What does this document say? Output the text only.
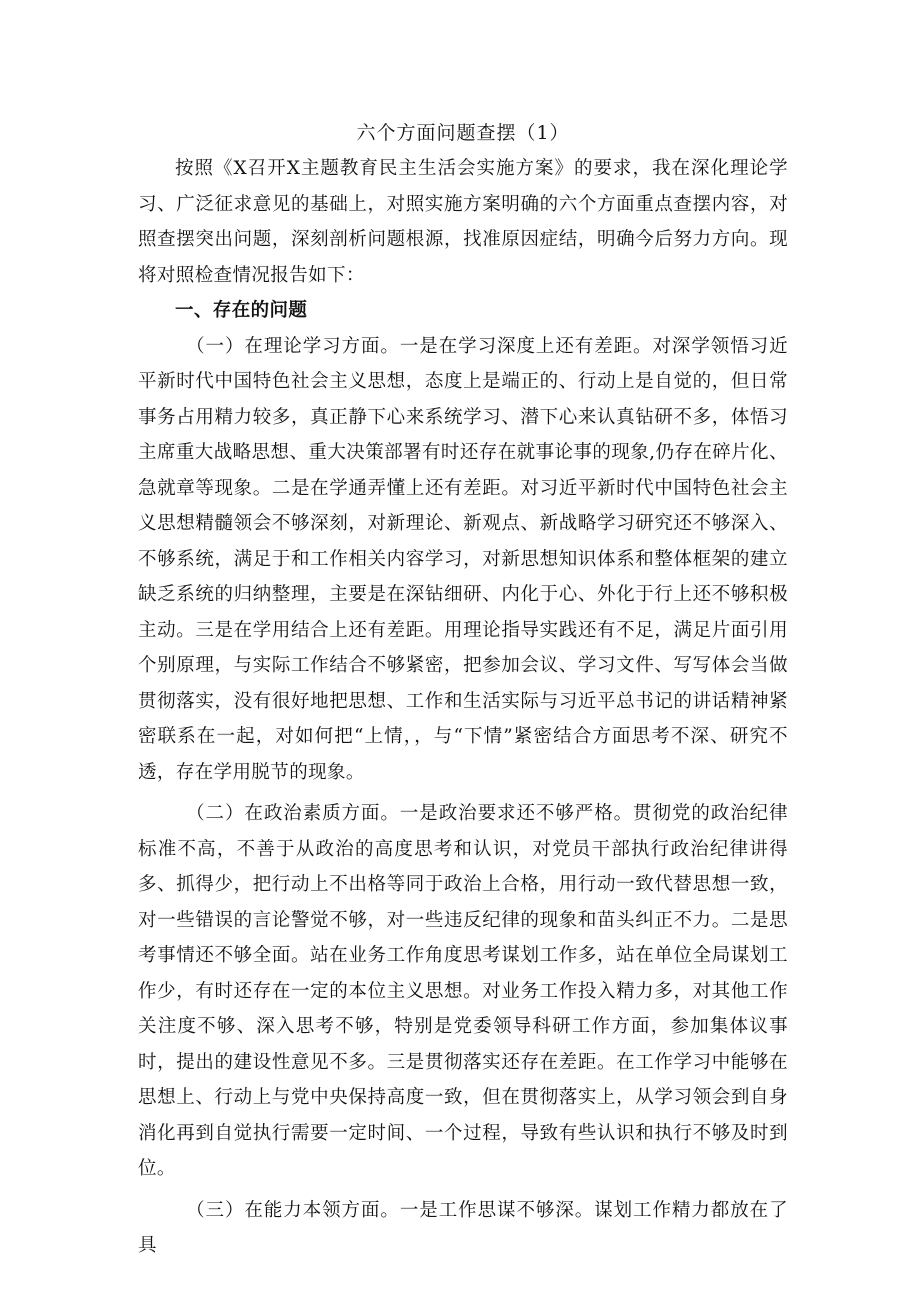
六个方面问题查摆（1）

按照《X召开X主题教育民主生活会实施方案》的要求，我在深化理论学习、广泛征求意见的基础上，对照实施方案明确的六个方面重点查摆内容，对照查摆突出问题，深刻剖析问题根源，找准原因症结，明确今后努力方向。现将对照检查情况报告如下：

一、存在的问题

（一）在理论学习方面。一是在学习深度上还有差距。对深学领悟习近平新时代中国特色社会主义思想，态度上是端正的、行动上是自觉的，但日常事务占用精力较多，真正静下心来系统学习、潜下心来认真钻研不多，体悟习主席重大战略思想、重大决策部署有时还存在就事论事的现象,仍存在碎片化、急就章等现象。二是在学通弄懂上还有差距。对习近平新时代中国特色社会主义思想精髓领会不够深刻，对新理论、新观点、新战略学习研究还不够深入、不够系统，满足于和工作相关内容学习，对新思想知识体系和整体框架的建立缺乏系统的归纳整理，主要是在深钻细研、内化于心、外化于行上还不够积极主动。三是在学用结合上还有差距。用理论指导实践还有不足，满足片面引用个别原理，与实际工作结合不够紧密，把参加会议、学习文件、写写体会当做贯彻落实，没有很好地把思想、工作和生活实际与习近平总书记的讲话精神紧密联系在一起，对如何把“上情，，与“下情”紧密结合方面思考不深、研究不透，存在学用脱节的现象。

（二）在政治素质方面。一是政治要求还不够严格。贯彻党的政治纪律标准不高，不善于从政治的高度思考和认识，对党员干部执行政治纪律讲得多、抓得少，把行动上不出格等同于政治上合格，用行动一致代替思想一致，对一些错误的言论警觉不够，对一些违反纪律的现象和苗头纠正不力。二是思考事情还不够全面。站在业务工作角度思考谋划工作多，站在单位全局谋划工作少，有时还存在一定的本位主义思想。对业务工作投入精力多，对其他工作关注度不够、深入思考不够，特别是党委领导科研工作方面，参加集体议事时，提出的建设性意见不多。三是贯彻落实还存在差距。在工作学习中能够在思想上、行动上与党中央保持高度一致，但在贯彻落实上，从学习领会到自身消化再到自觉执行需要一定时间、一个过程，导致有些认识和执行不够及时到位。

（三）在能力本领方面。一是工作思谋不够深。谋划工作精力都放在了具
